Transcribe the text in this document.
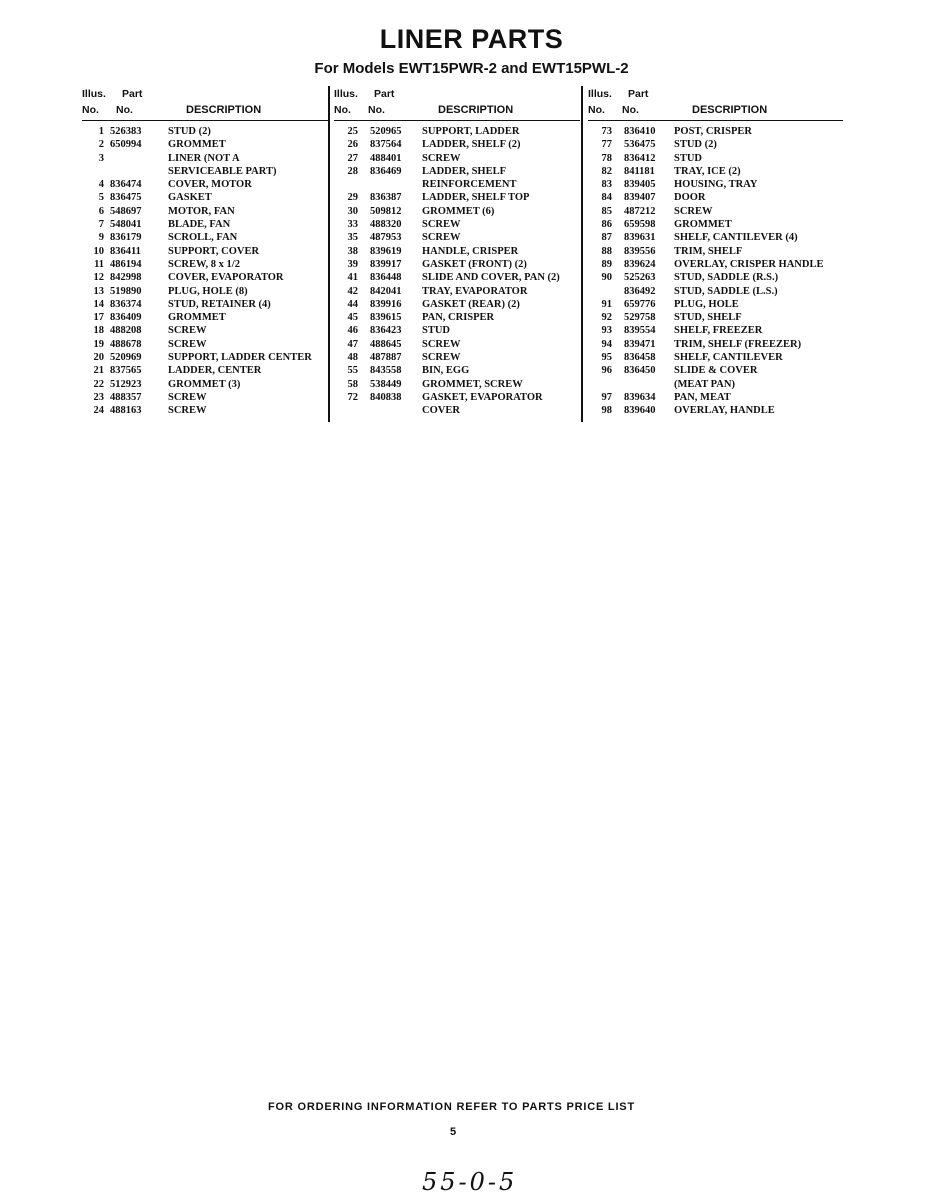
LINER PARTS
For Models EWT15PWR-2 and EWT15PWL-2
Illus. Part
No. No.	DESCRIPTION
1 526383	STUD (2)
2 650994	GROMMET
3	LINER (NOT A
SERVICEABLE PART)
4 836474	COVER, MOTOR
5 836475	GASKET
6 548697	MOTOR, FAN
7 548041	BLADE, FAN
9 836179	SCROLL, FAN
10 836411	SUPPORT, COVER
11 486194	SCREW, 8 x 1/2
12 842998	COVER, EVAPORATOR
13 519890	PLUG, HOLE (8)
14 836374	STUD, RETAINER (4)
17 836409	GROMMET
18 488208	SCREW
19 488678	SCREW
20 520969	SUPPORT, LADDER CENTER
21 837565	LADDER, CENTER
22 512923	GROMMET (3)
23 488357	SCREW
24 488163	SCREW
Illus. Part
No. No.	DESCRIPTION
25 520965	SUPPORT, LADDER
26 837564	LADDER, SHELF (2)
27 488401	SCREW
28 836469	LADDER, SHELF
REINFORCEMENT
29 836387	LADDER, SHELF TOP
30 509812	GROMMET (6)
33 488320	SCREW
35 487953	SCREW
38 839619	HANDLE, CRISPER
39 839917	GASKET (FRONT) (2)
41 836448	SLIDE AND COVER, PAN (2)
42 842041	TRAY, EVAPORATOR
44 839916	GASKET (REAR) (2)
45 839615	PAN, CRISPER
46 836423	STUD
47 488645	SCREW
48 487887	SCREW
55 843558	BIN, EGG
58 538449	GROMMET, SCREW
72 840838	GASKET, EVAPORATOR
COVER
Illus. Part
No. No.	DESCRIPTION
73 836410	POST, CRISPER
77 536475	STUD (2)
78 836412	STUD
82 841181	TRAY, ICE (2)
83 839405	HOUSING, TRAY
84 839407	DOOR
85 487212	SCREW
86 659598	GROMMET
87 839631	SHELF, CANTILEVER (4)
88 839556	TRIM, SHELF
89 839624	OVERLAY, CRISPER HANDLE
90 525263	STUD, SADDLE (R.S.)
836492	STUD, SADDLE (L.S.)
91 659776	PLUG, HOLE
92 529758	STUD, SHELF
93 839554	SHELF, FREEZER
94 839471	TRIM, SHELF (FREEZER)
95 836458	SHELF, CANTILEVER
96 836450	SLIDE & COVER
(MEAT PAN)
97 839634	PAN, MEAT
98 839640	OVERLAY, HANDLE
FOR ORDERING INFORMATION REFER TO PARTS PRICE LIST
5
55-0-5
